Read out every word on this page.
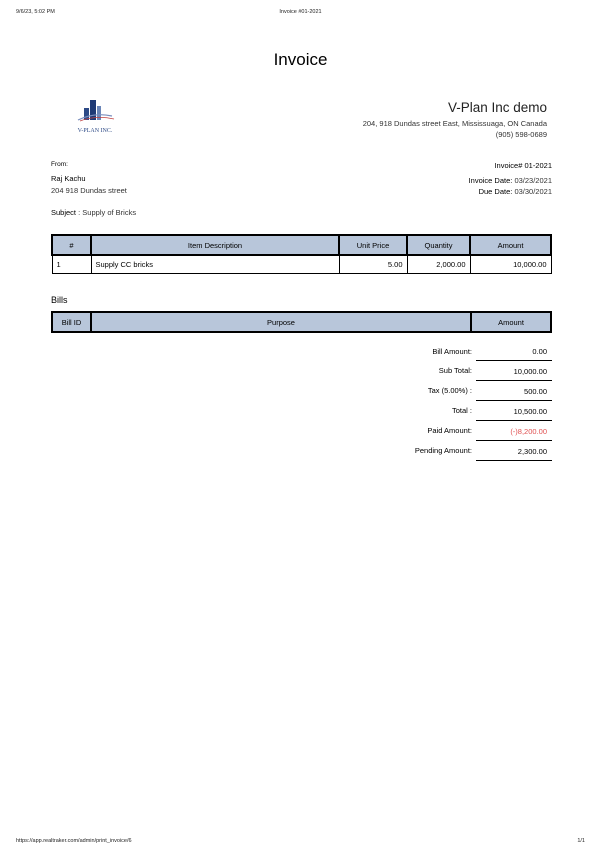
9/6/23, 5:02 PM	Invoice #01-2021
https://app.realtraker.com/admin/print_invoice/6	1/1
Invoice
V-PLAN INC.
V-Plan Inc demo
204, 918 Dundas street East, Mississuaga, ON Canada
(905) 598-0689
From:
Raj Kachu
204 918 Dundas street
Invoice# 01-2021
Invoice Date: 03/23/2021
Due Date: 03/30/2021
Subject : Supply of Bricks
#	Item Description	Unit Price	Quantity	Amount
1	Supply CC bricks	5.00	2,000.00	10,000.00
Bills
Bill ID	Purpose	Amount
Bill Amount:	0.00
Sub Total:	10,000.00
Tax (5.00%) :	500.00
Total :	10,500.00
Paid Amount:	(-)8,200.00
Pending Amount:	2,300.00
